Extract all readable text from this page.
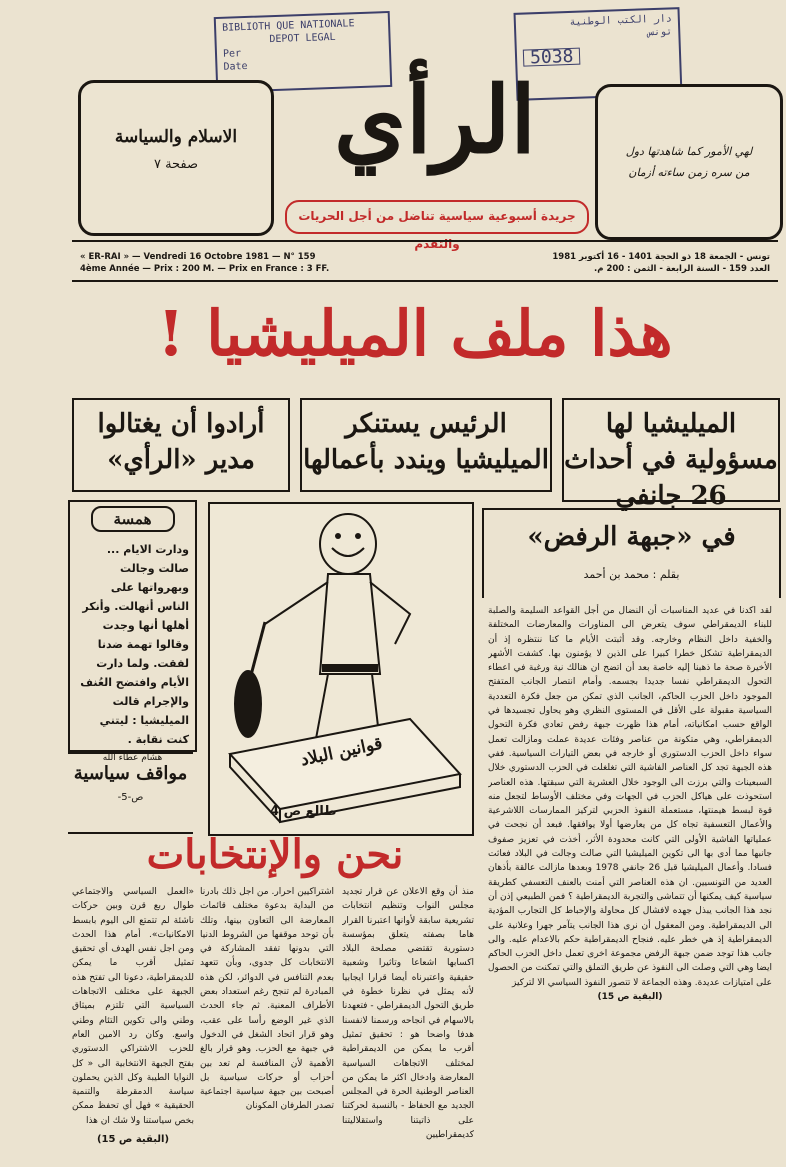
BIBLIOTH QUE NATIONALE
DEPOT LEGAL
Per
Date
دار الكتب الوطنية
تونس
5038
الاسلام والسياسة
صفحة ٧	الرأي
جريدة أسبوعية سياسية تناضل من أجل الحريات والتقدم
لهي الأمور كما شاهدتها دول
من سره زمن ساءته أزمان
« ER-RAI » — Vendredi 16 Octobre 1981 — N° 159
4ème Année — Prix : 200 M. — Prix en France : 3 FF.
تونس - الجمعة 18 ذو الحجة 1401 - 16 أكتوبر 1981
العدد 159 - السنة الرابعة - الثمن : 200 م.
هذا ملف الميليشيا !
الميليشيا لها مسؤولية في أحداث 26 جانفي
الرئيس يستنكر الميليشيا ويندد بأعمالها
أرادوا أن يغتالوا مدير «الرأي»
همسة
ودارت الايام ... صالت وجالت وبهرواتها على الناس أنهالت. وأنكر أهلها أنها وجدت وقالوا تهمة ضدنا لفقت. ولما دارت الأيام وافتضح العُنف والإجرام قالت الميليشيا : ليتني كنت نقابة .
هشام عطاء الله
مواقف سياسية
ص-5-
قوانين البلاد
طالع ص 4
في «جبهة الرفض»
بقلم : محمد بن أحمد
لقد اكدنا في عديد المناسبات أن النضال من أجل القواعد السليمة والصلبة للبناء الديمقراطي سوف يتعرض الى المناورات والمعارضات المختلفة والخفية داخل النظام وخارجه. وقد أثبتت الأيام ما كنا ننتظره إذ أن الديمقراطية تشكل خطرا كبيرا على الذين لا يؤمنون بها. كشفت الأشهر الأخيرة صحة ما ذهبنا إليه خاصة بعد أن اتضح ان هنالك نية ورغبة في اعطاء التحول الديمقراطي نفسا جديدا بجسمه. وأمام انتصار الجانب المتفتح الموجود داخل الحزب الحاكم، الجانب الذي تمكن من جعل فكرة التعددية السياسية مقبولة على الأقل في المستوى النظري وهو يحاول تجسيدها في الواقع حسب امكانياته، أمام هذا ظهرت جبهة رفض تعادي فكرة التحول الديمقراطي، وهي متكونة من عناصر وفئات عديدة عملت ومازالت تعمل سواء داخل الحزب الدستوري أو خارجه في بعض التيارات السياسية. ففي هذه الجبهة تجد كل العناصر الفاشية التي تغلغلت في الحزب الدستوري خلال السبعينات والتي برزت الى الوجود خلال العشرية التي سبقتها. هذه العناصر استحوذت على هياكل الحزب في الجهات وفي مختلف الأوساط لتجعل منه قوة لبسط هيمنتها، مستعملة النفوذ الحزبي لتركيز الممارسات اللاشرعية والأعمال التعسفية تجاه كل من يعارضها أولا يوافقها. فبعد أن نجحت في عملياتها الفاشية الأولى التي كانت محدودة الأثر، أخذت في تعزيز صفوف جانبها مما أدى بها الى تكوين الميليشيا التي صالت وجالت في البلاد فعاثت فسادا. وأعمال الميليشيا قبل 26 جانفي 1978 وبعدها مازالت عالقة بأذهان العديد من التونسيين. ان هذه العناصر التي أمنت بالعنف التعسفي كطريقة سياسية كيف يمكنها أن تتماشى والتجربة الديمقراطية ؟ فمن الطبيعي إذن أن نجد هذا الجانب يبذل جهده لافشال كل محاولة والإحباط كل التجارب المؤدية الى الديمقراطية. ومن المعقول أن نرى هذا الجانب يتآمر جهرا وعلانية على الديمقراطية إذ هي خطر عليه. فنجاح الديمقراطية حكم بالاعدام عليه. والى جانب هذا توجد ضمن جبهة الرفض مجموعة اخرى تعمل داخل الحزب الحاكم ايضا وهي التي وصلت الى النفوذ عن طريق التملق والتي تمكنت من الحصول على امتيازات عديدة. وهذه الجماعة لا تتصور النفوذ السياسي الا لتركيز
(البقية ص 15)
نحن والإنتخابات
منذ أن وقع الاعلان عن قرار تجديد مجلس النواب وتنظيم انتخابات تشريعية سابقة لأوانها اعتبرنا القرار هاما بصفته يتعلق بمؤسسة دستورية تقتضي مصلحة البلاد اكسابها اشعاعا وتاثيرا وشعبية حقيقية واعتبرناه أيضا قرارا ايجابيا لأنه يمثل في نظرنا خطوة في طريق التحول الديمقراطي - فتعهدنا بالاسهام في انجاحه ورسمنا لانفسنا هدفا واضحا هو : تحقيق تمثيل أقرب ما يمكن من الديمقراطية لمختلف الاتجاهات السياسية المعارضة وادخال اكثر ما يمكن من العناصر الوطنية الحرة في المجلس الجديد مع الحفاظ - بالنسبة لحركتنا على ذاتيتنا واستقلاليتنا كديمقراطيين
اشتراكيين احرار. من اجل ذلك بادرنا من البداية بدعوة مختلف قائمات المعارضة الى التعاون بينها، وتلك بأن توحد موقفها من الشروط الدنيا التي بدونها تفقد المشاركة في الانتخابات كل جدوى، وبأن تتعهد بعدم التنافس في الدوائر، لكن هذه المبادرة لم تنجح رغم استعداد بعض الأطراف المعنية. ثم جاء الحدث الذي غير الوضع رأسا على عقب، وهو قرار اتحاد الشغل في الدخول في جبهة مع الحزب. وهو قرار بالغ الأهمية لأن المنافسة لم تعد بين أحزاب أو حركات سياسية بل أصبحت بين جبهة سياسية اجتماعية تصدر الطرفان المكونان
«العمل السياسي والاجتماعي طوال ربع قرن وبين حركات ناشئة لم تتمتع الى اليوم بابسط الامكانيات». أمام هذا الحدث ومن اجل نفس الهدف أي تحقيق تمثيل أقرب ما يمكن للديمقراطية، دعونا الى تفتح هذه الجبهة على مختلف الاتجاهات السياسية التي تلتزم بميثاق وطني والى تكوين التئام وطني واسع. وكان رد الامين العام للحزب الاشتراكي الدستوري بفتح الجبهة الانتخابية الى « كل النوايا الطيبة وكل الذين يحملون سياسة الدمقرطة والتنمية الحقيقية » فهل أي تحفظ ممكن بخص سياستنا ولا شك ان هذا
(البقية ص 15)
